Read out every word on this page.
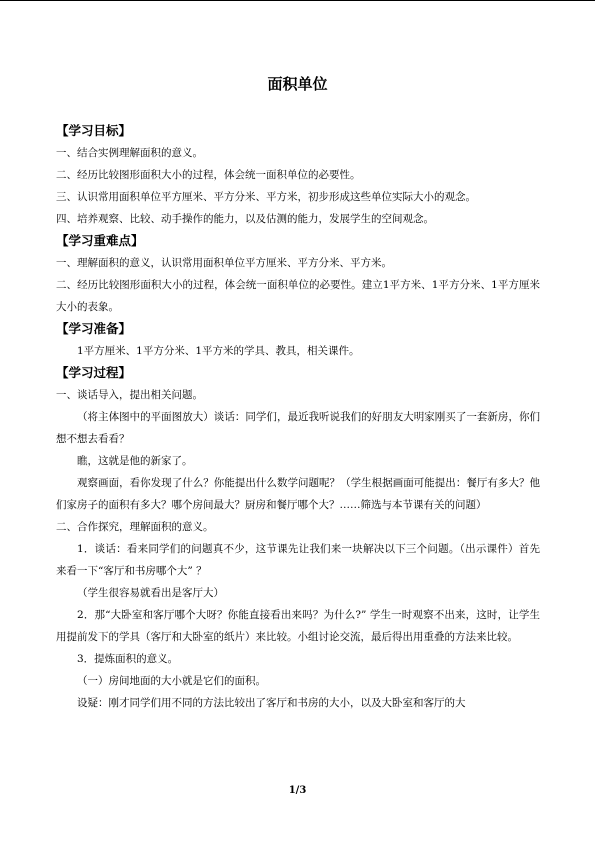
面积单位
【学习目标】
一、结合实例理解面积的意义。
二、经历比较图形面积大小的过程，体会统一面积单位的必要性。
三、认识常用面积单位平方厘米、平方分米、平方米，初步形成这些单位实际大小的观念。
四、培养观察、比较、动手操作的能力，以及估测的能力，发展学生的空间观念。
【学习重难点】
一、理解面积的意义，认识常用面积单位平方厘米、平方分米、平方米。
二、经历比较图形面积大小的过程，体会统一面积单位的必要性。建立1平方米、1平方分米、1平方厘米大小的表象。
【学习准备】
1平方厘米、1平方分米、1平方米的学具、教具，相关课件。
【学习过程】
一、谈话导入，提出相关问题。
（将主体图中的平面图放大）谈话：同学们，最近我听说我们的好朋友大明家刚买了一套新房，你们想不想去看看？
瞧，这就是他的新家了。
观察画面，看你发现了什么？你能提出什么数学问题呢？（学生根据画面可能提出：餐厅有多大？他们家房子的面积有多大？哪个房间最大？厨房和餐厅哪个大？……筛选与本节课有关的问题）
二、合作探究，理解面积的意义。
1．谈话：看来同学们的问题真不少，这节课先让我们来一块解决以下三个问题。（出示课件）首先来看一下“客厅和书房哪个大” ？
（学生很容易就看出是客厅大）
2．那“大卧室和客厅哪个大呀？你能直接看出来吗？为什么?” 学生一时观察不出来，这时，让学生用提前发下的学具（客厅和大卧室的纸片）来比较。小组讨论交流，最后得出用重叠的方法来比较。
3．提炼面积的意义。
（一）房间地面的大小就是它们的面积。
设疑：刚才同学们用不同的方法比较出了客厅和书房的大小，以及大卧室和客厅的大
1/3
